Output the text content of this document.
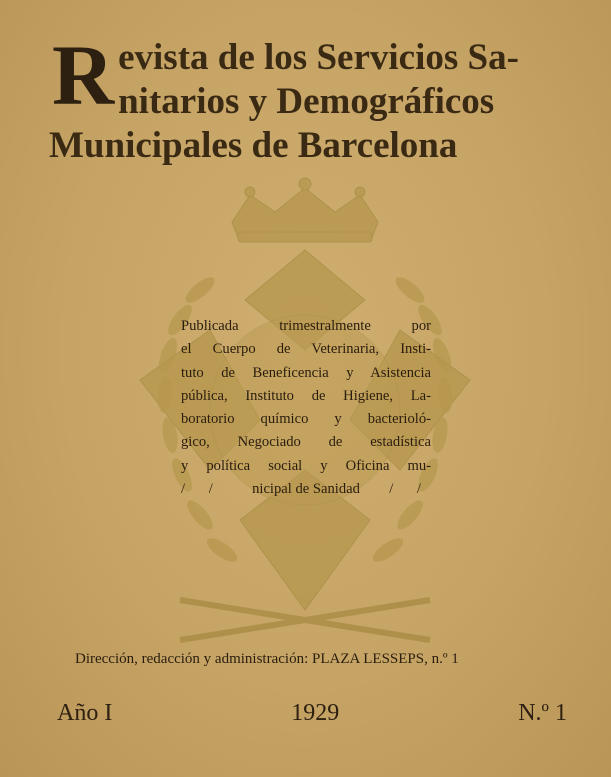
R evista de los Servicios Sa-
nitarios y Demográficos
Municipales de Barcelona
Publicada trimestralmente por
el Cuerpo de Veterinaria, Insti-
tuto de Beneficencia y Asistencia
pública, Instituto de Higiene, La-
boratorio químico y bacterioló-
gico, Negociado de estadística
y política social y Oficina mu-
/ / nicipal de Sanidad / /
Dirección, redacción y administración: PLAZA LESSEPS, n.º 1
Año I	1929	N.º 1
